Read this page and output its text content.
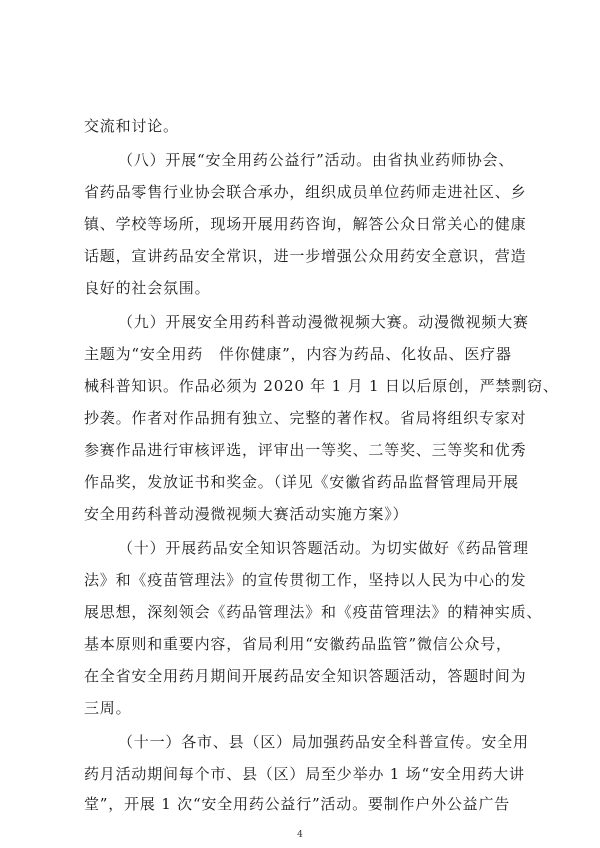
交流和讨论。
（八）开展“安全用药公益行”活动。由省执业药师协会、
省药品零售行业协会联合承办，组织成员单位药师走进社区、乡
镇、学校等场所，现场开展用药咨询，解答公众日常关心的健康
话题，宣讲药品安全常识，进一步增强公众用药安全意识，营造
良好的社会氛围。
（九）开展安全用药科普动漫微视频大赛。动漫微视频大赛
主题为“安全用药　伴你健康”，内容为药品、化妆品、医疗器
械科普知识。作品必须为 2020 年 1 月 1 日以后原创，严禁剽窃、
抄袭。作者对作品拥有独立、完整的著作权。省局将组织专家对
参赛作品进行审核评选，评审出一等奖、二等奖、三等奖和优秀
作品奖，发放证书和奖金。（详见《安徽省药品监督管理局开展
安全用药科普动漫微视频大赛活动实施方案》）
（十）开展药品安全知识答题活动。为切实做好《药品管理
法》和《疫苗管理法》的宣传贯彻工作，坚持以人民为中心的发
展思想，深刻领会《药品管理法》和《疫苗管理法》的精神实质、
基本原则和重要内容，省局利用“安徽药品监管”微信公众号，
在全省安全用药月期间开展药品安全知识答题活动，答题时间为
三周。
（十一）各市、县（区）局加强药品安全科普宣传。安全用
药月活动期间每个市、县（区）局至少举办 1 场“安全用药大讲
堂”，开展 1 次“安全用药公益行”活动。要制作户外公益广告
4
